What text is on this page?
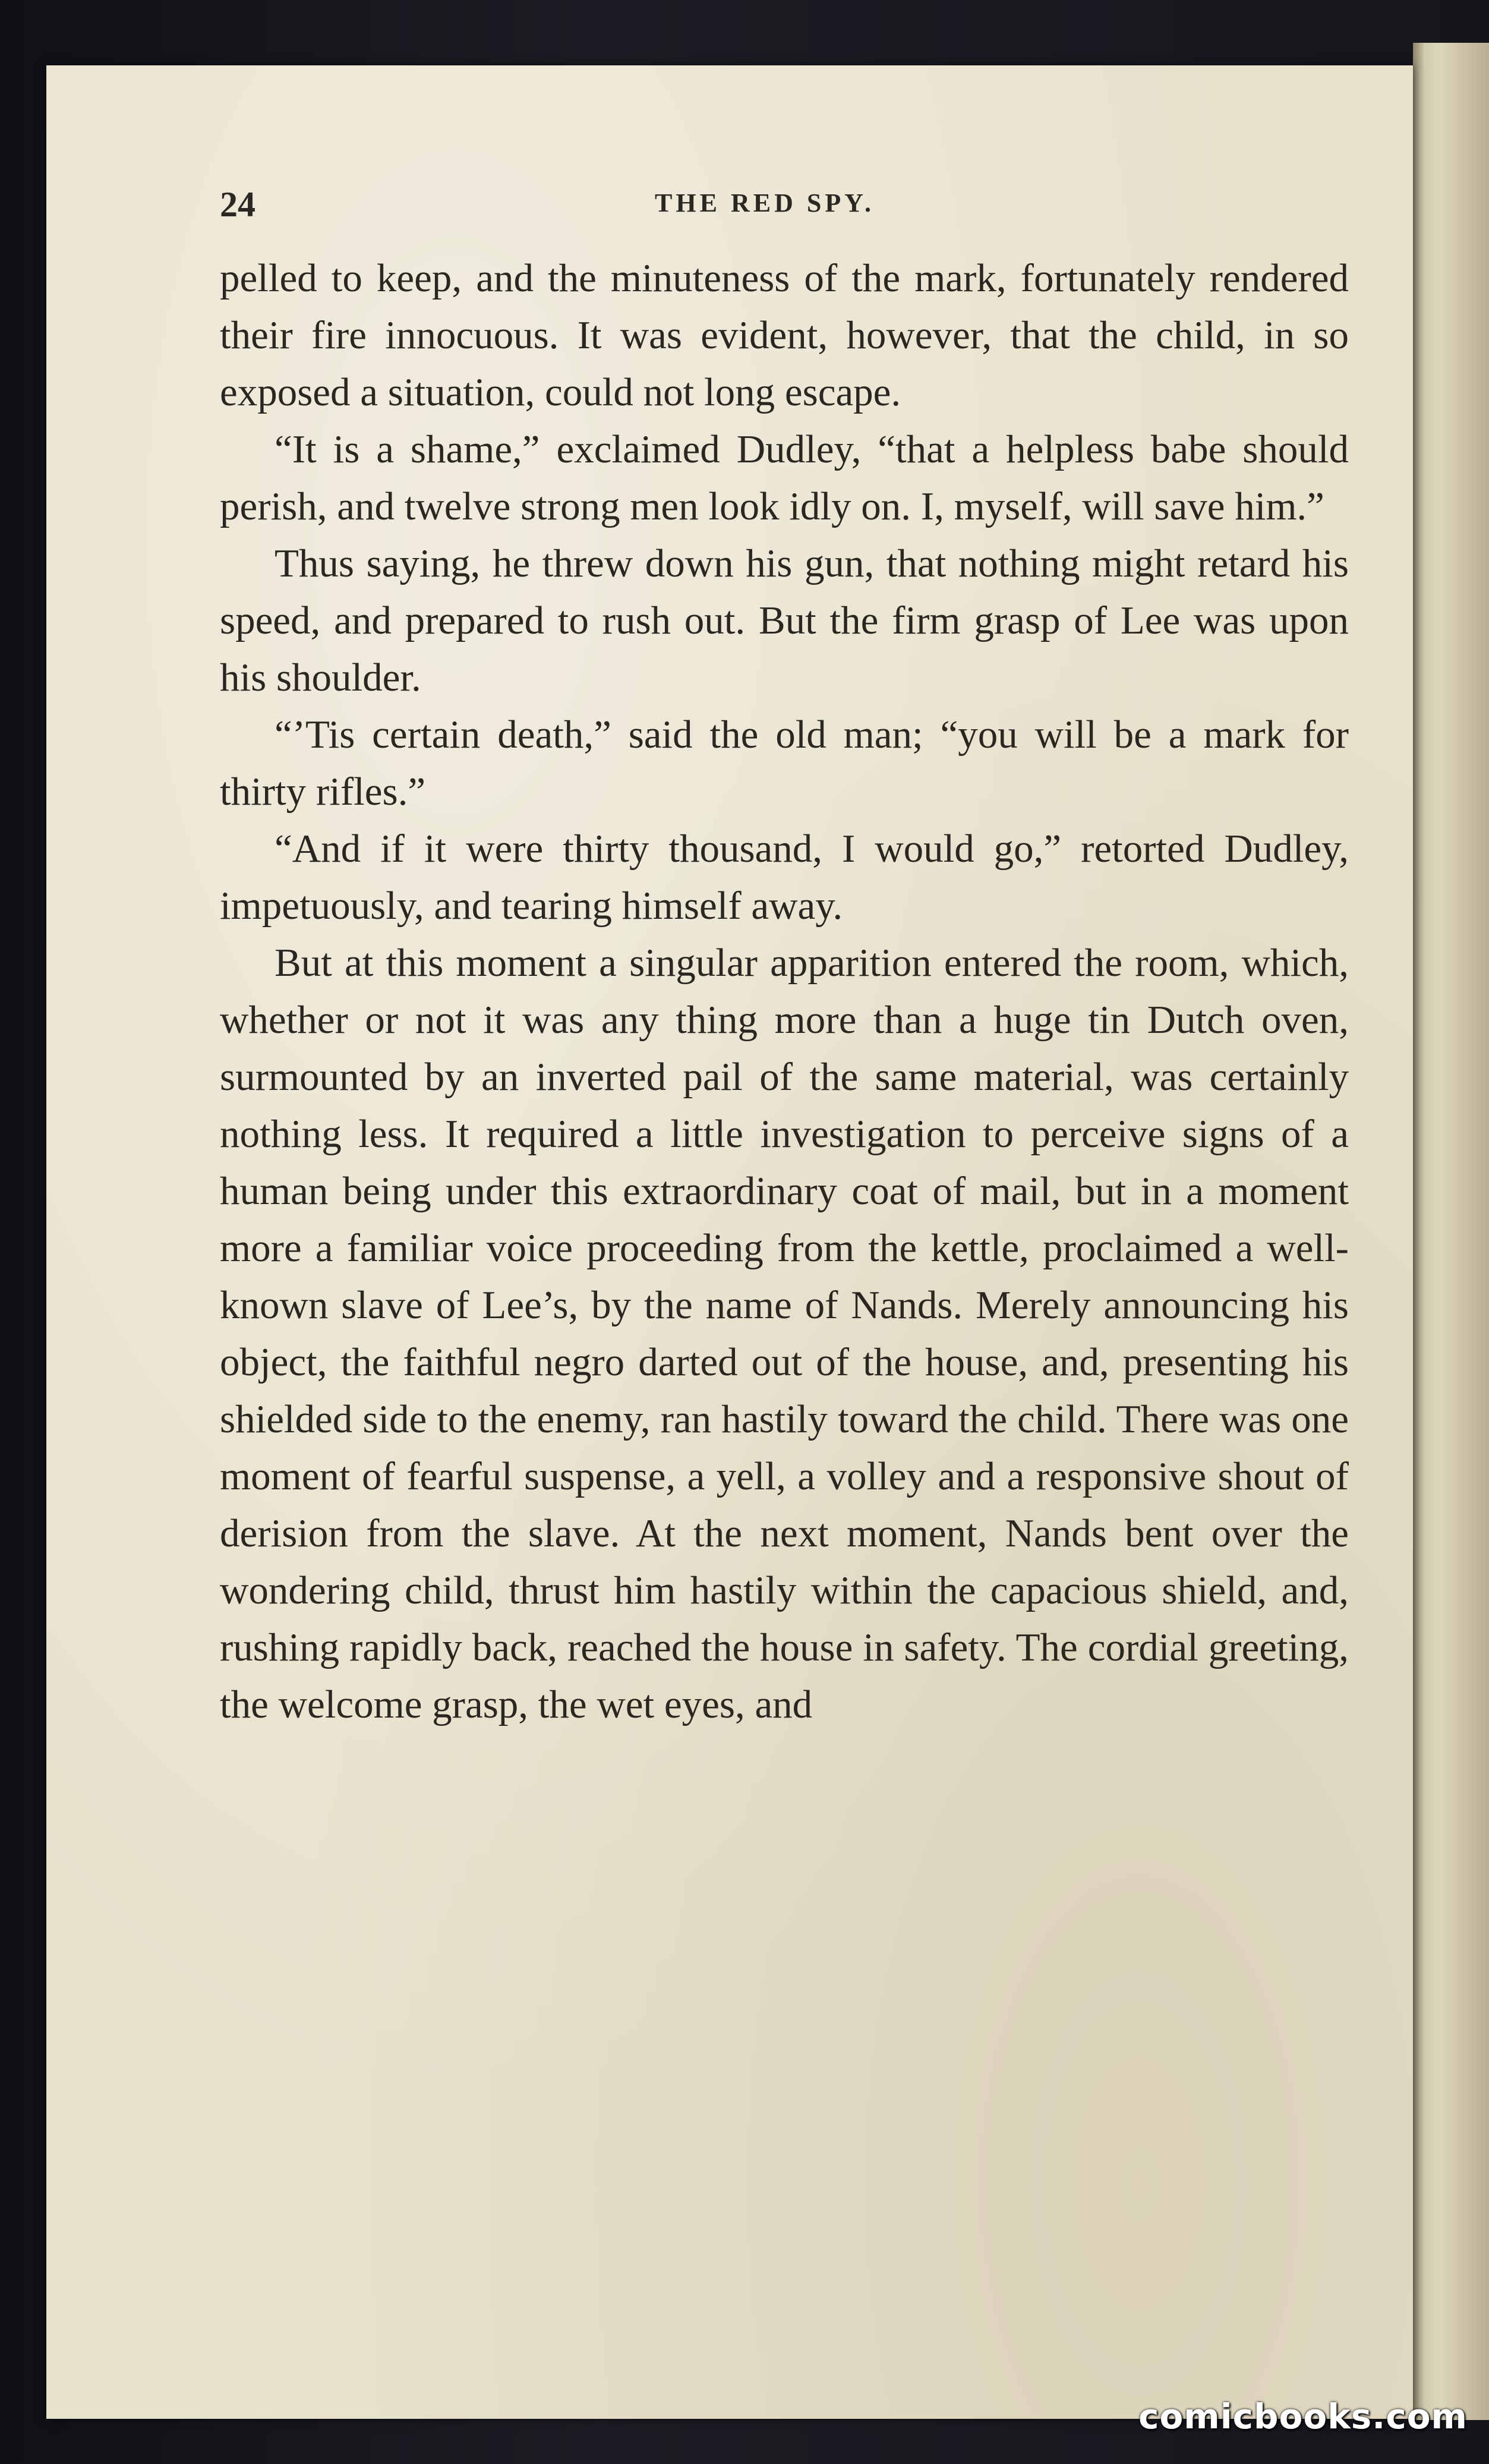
24	THE RED SPY.

pelled to keep, and the minuteness of the mark, fortunately rendered their fire innocuous. It was evident, however, that the child, in so exposed a situation, could not long escape.

“It is a shame,” exclaimed Dudley, “that a helpless babe should perish, and twelve strong men look idly on. I, myself, will save him.”

Thus saying, he threw down his gun, that nothing might retard his speed, and prepared to rush out. But the firm grasp of Lee was upon his shoulder.

“’Tis certain death,” said the old man; “you will be a mark for thirty rifles.”

“And if it were thirty thousand, I would go,” retorted Dudley, impetuously, and tearing himself away.

But at this moment a singular apparition entered the room, which, whether or not it was any thing more than a huge tin Dutch oven, surmounted by an inverted pail of the same material, was certainly nothing less. It required a little investigation to perceive signs of a human being under this extraordinary coat of mail, but in a moment more a familiar voice proceeding from the kettle, proclaimed a well-known slave of Lee’s, by the name of Nands. Merely announcing his object, the faithful negro darted out of the house, and, presenting his shielded side to the enemy, ran hastily toward the child. There was one moment of fearful suspense, a yell, a volley and a responsive shout of derision from the slave. At the next moment, Nands bent over the wondering child, thrust him hastily within the capacious shield, and, rushing rapidly back, reached the house in safety. The cordial greeting, the welcome grasp, the wet eyes, and

comicbooks.com
